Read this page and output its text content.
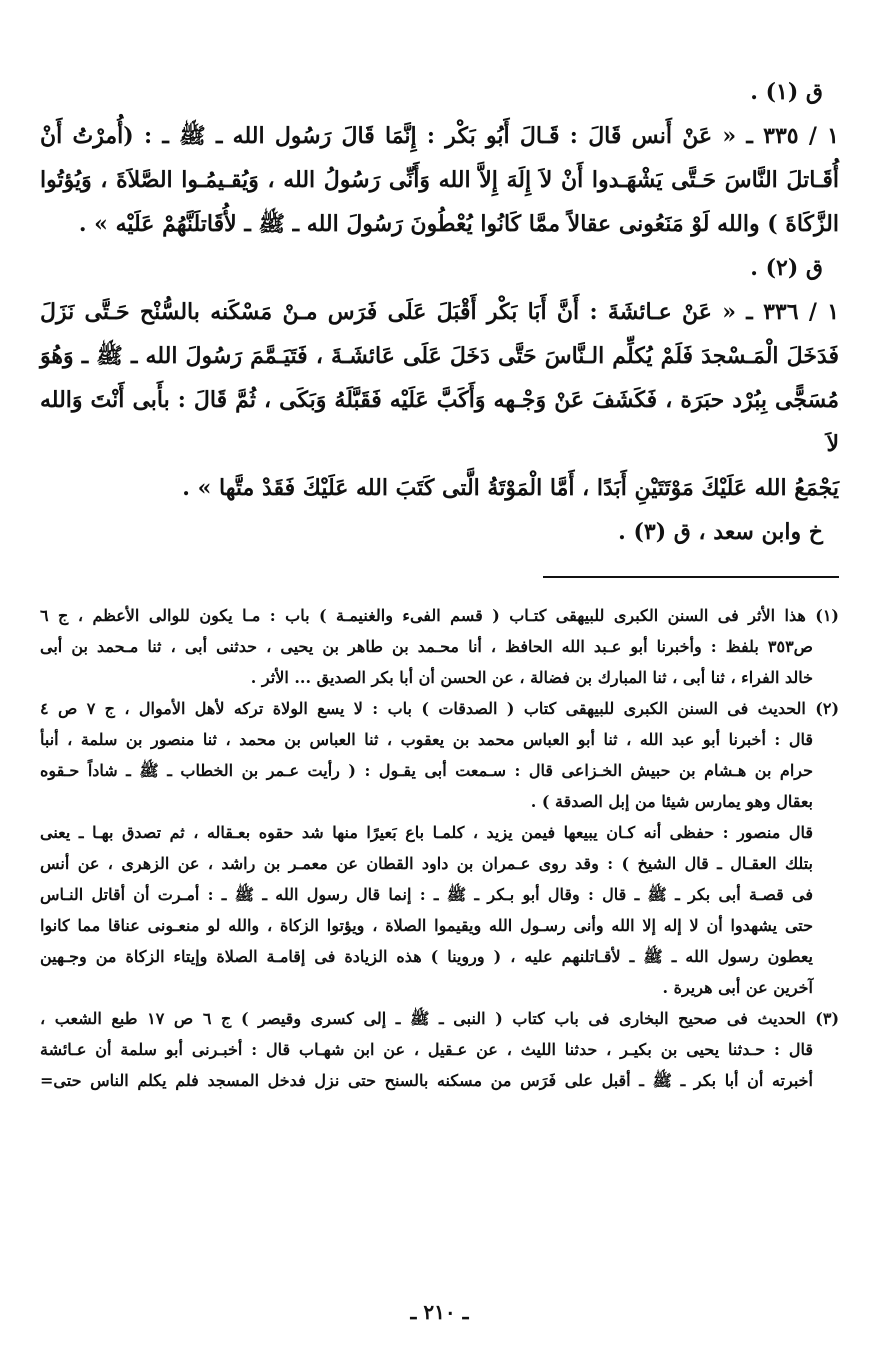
ق (١) .

١ / ٣٣٥ ـ « عَنْ أَنس قَالَ : قَـالَ أَبُو بَكْر : إِنَّمَا قَالَ رَسُول الله ـ ﷺ ـ : (أُمرْتُ أَنْ

أُقَـاتلَ النَّاسَ حَـتَّى يَشْهَـدوا أَنْ لاَ إِلَهَ إِلاَّ الله وَأَنِّى رَسُولُ الله ، وَيُقـيمُـوا الصَّلاَةَ ، وَيُؤتُوا

الزَّكَاةَ ) والله لَوْ مَنَعُونى عقالاً ممَّا كَانُوا يُعْطُونَ رَسُولَ الله ـ ﷺ ـ لأُقَاتلَنَّهُمْ عَلَيْه » .

ق (٢) .

١ / ٣٣٦ ـ « عَنْ عـائشَةَ : أَنَّ أَبَا بَكْر أَقْبَلَ عَلَى فَرَس مـنْ مَسْكَنه بالسُّنْح حَـتَّى نَزَلَ

فَدَخَلَ الْمَـسْجدَ فَلَمْ يُكلِّم الـنَّاسَ حَتَّى دَخَلَ عَلَى عَائشَـةَ ، فَتَيَـمَّمَ رَسُولَ الله ـ ﷺ ـ وَهُوَ

مُسَجًّى بِبُرْد حبَرَة ، فَكَشَفَ عَنْ وَجْـهه وَأَكَبَّ عَلَيْه فَقَبَّلَهُ وَبَكَى ، ثُمَّ قَالَ : بأَبى أَنْتَ وَالله لاَ

يَجْمَعُ الله عَلَيْكَ مَوْتَتَيْنِ أَبَدًا ، أَمَّا الْمَوْتَةُ الَّتى كَتَبَ الله عَلَيْكَ فَقَدْ متَّها » .

خ وابن سعد ، ق (٣) .

(١) هذا الأثر فى السنن الكبرى للبيهقى كتـاب ( قسم الفىء والغنيمـة ) باب : مـا يكون للوالى الأعظم ، ج ٦

ص٣٥٣ بلفظ : وأخبرنا أبو عـبد الله الحافظ ، أنا محـمد بن طاهر بن يحيى ، حدثنى أبى ، ثنا مـحمد بن أبى

خالد الفراء ، ثنا أبى ، ثنا المبارك بن فضالة ، عن الحسن أن أبا بكر الصديق ... الأثر .

(٢) الحديث فى السنن الكبرى للبيهقى كتاب ( الصدقات ) باب : لا يسع الولاة تركه لأهل الأموال ، ج ٧ ص ٤

قال : أخبرنا أبو عبد الله ، ثنا أبو العباس محمد بن يعقوب ، ثنا العباس بن محمد ، ثنا منصور بن سلمة ، أنبأ

حرام بن هـشام بن حبيش الخـزاعى قال : سـمعت أبى يقـول : ( رأيت عـمر بن الخطاب ـ ﷺ ـ شاداً حـقوه

بعقال وهو يمارس شيئا من إبل الصدقة ) .

قال منصور : حفظى أنه كـان يبيعها فيمن يزيد ، كلمـا باع بَعيرًا منها شد حقوه بعـقاله ، ثم تصدق بهـا ـ يعنى

بتلك العقـال ـ قال الشيخ ) : وقد روى عـمران بن داود القطان عن معمـر بن راشد ، عن الزهرى ، عن أنس

فى قصـة أبى بكر ـ ﷺ ـ قال : وقال أبو بـكر ـ ﷺ ـ : إنما قال رسول الله ـ ﷺ ـ : أمـرت أن أقاتل النـاس

حتى يشهدوا أن لا إله إلا الله وأنى رسـول الله ويقيموا الصلاة ، ويؤتوا الزكاة ، والله لو منعـونى عناقا مما كانوا

يعطون رسول الله ـ ﷺ ـ لأقـاتلنهم عليه ، ( وروينا ) هذه الزيادة فى إقامـة الصلاة وإيتاء الزكاة من وجـهين

آخرين عن أبى هريرة .

(٣) الحديث فى صحيح البخارى فى باب كتاب ( النبى ـ ﷺ ـ إلى كسرى وقيصر ) ج ٦ ص ١٧ طبع الشعب ،

قال : حـدثنا يحيى بن بكيـر ، حدثنا الليث ، عن عـقيل ، عن ابن شهـاب قال : أخبـرنى أبو سلمة أن عـائشة

أخبرته أن أبا بكر ـ ﷺ ـ أقبل على فَرَس من مسكنه بالسنح حتى نزل فدخل المسجد فلم يكلم الناس حتى=

ـ ٢١٠ ـ
